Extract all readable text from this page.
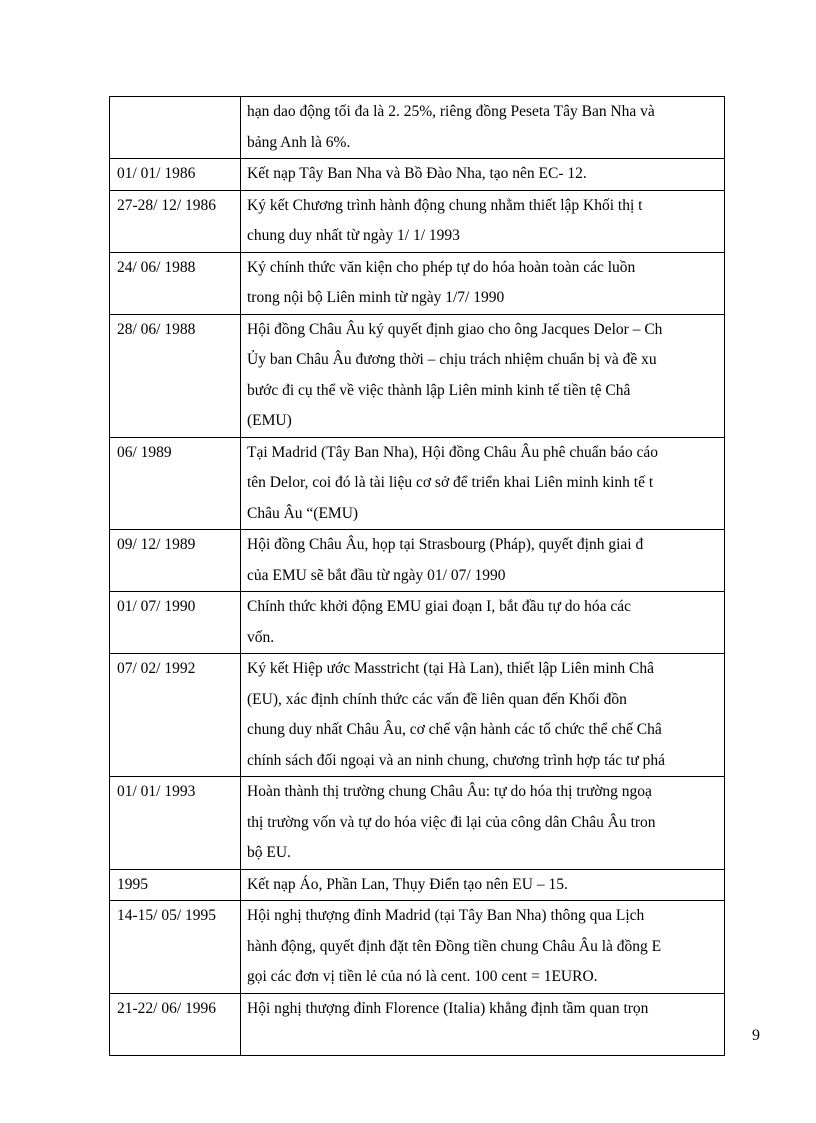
	hạn dao động tối đa là 2. 25%, riêng đồng Peseta Tây Ban Nha và
bảng Anh là 6%.

01/ 01/ 1986	Kết nạp Tây Ban Nha và Bồ Đào Nha, tạo nên EC- 12.

27-28/ 12/ 1986	Ký kết Chương trình hành động chung nhằm thiết lập Khối thị t
chung duy nhất từ ngày 1/ 1/ 1993

24/ 06/ 1988	Ký chính thức văn kiện cho phép tự do hóa hoàn toàn các luồn
trong nội bộ Liên minh từ ngày 1/7/ 1990

28/ 06/ 1988	Hội đồng Châu Âu ký quyết định giao cho ông Jacques Delor – Ch
Ủy ban Châu Âu đương thời – chịu trách nhiệm chuẩn bị và đề xu
bước đi cụ thể về việc thành lập Liên minh kinh tế tiền tệ Châ
(EMU)

06/ 1989	Tại Madrid (Tây Ban Nha), Hội đồng Châu Âu phê chuẩn báo cáo
tên Delor, coi đó là tài liệu cơ sở để triển khai Liên minh kinh tế t
Châu Âu “(EMU)

09/ 12/ 1989	Hội đồng Châu Âu, họp tại Strasbourg (Pháp), quyết định giai đ
của EMU sẽ bắt đầu từ ngày 01/ 07/ 1990

01/ 07/ 1990	Chính thức khởi động EMU giai đoạn I, bắt đầu tự do hóa các
vốn.

07/ 02/ 1992	Ký kết Hiệp ước Masstricht (tại Hà Lan), thiết lập Liên minh Châ
(EU), xác định chính thức các vấn đề liên quan đến Khối đồn
chung duy nhất Châu Âu, cơ chế vận hành các tổ chức thể chế Châ
chính sách đối ngoại và an ninh chung, chương trình hợp tác tư phá

01/ 01/ 1993	Hoàn thành thị trường chung Châu Âu: tự do hóa thị trường ngoạ
thị trường vốn và tự do hóa việc đi lại của công dân Châu Âu tron
bộ EU.

1995	Kết nạp Áo, Phần Lan, Thụy Điển tạo nên EU – 15.

14-15/ 05/ 1995	Hội nghị thượng đỉnh Madrid (tại Tây Ban Nha) thông qua Lịch
hành động, quyết định đặt tên Đồng tiền chung Châu Âu là đồng E
gọi các đơn vị tiền lẻ của nó là cent. 100 cent = 1EURO.

21-22/ 06/ 1996	Hội nghị thượng đỉnh Florence (Italia) khẳng định tầm quan trọn

9
